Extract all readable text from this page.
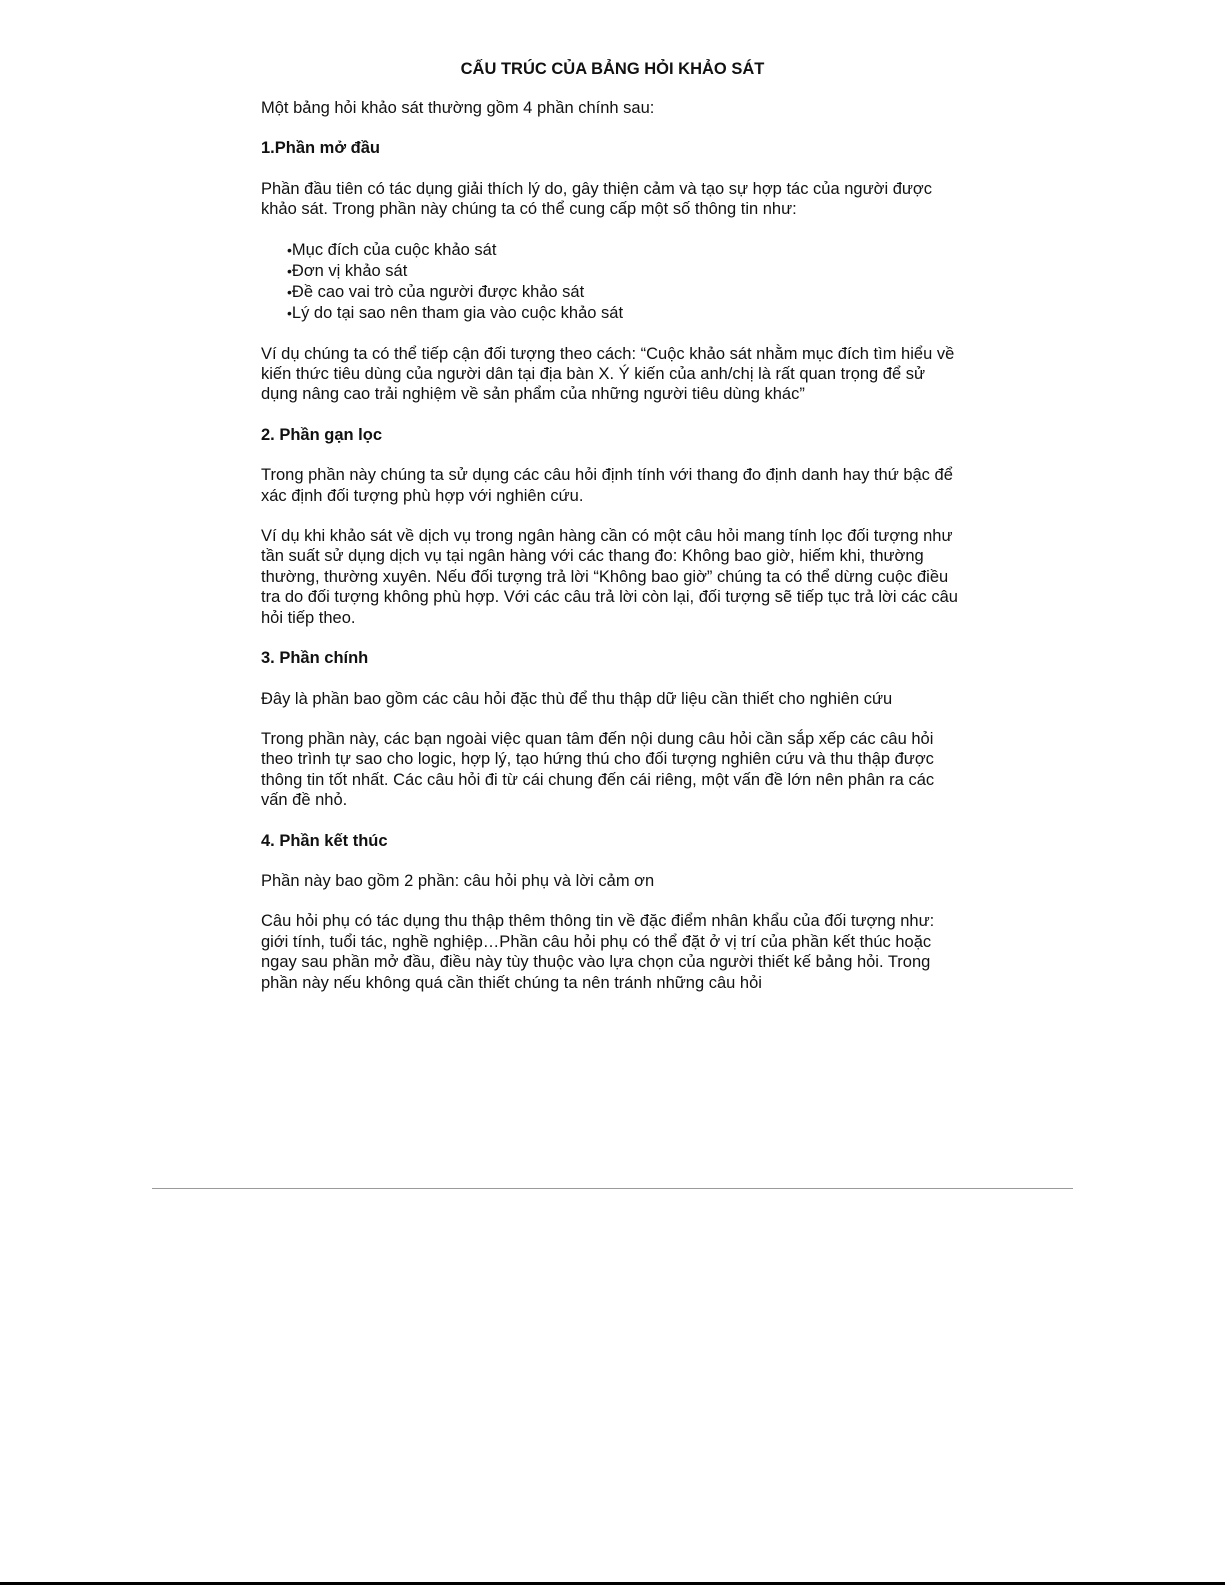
CẤU TRÚC CỦA BẢNG HỎI KHẢO SÁT

Một bảng hỏi khảo sát thường gồm 4 phần chính sau:

1.Phần mở đầu

Phần đầu tiên có tác dụng giải thích lý do, gây thiện cảm và tạo sự hợp tác của người được khảo sát. Trong phần này chúng ta có thể cung cấp một số thông tin như:

•Mục đích của cuộc khảo sát
•Đơn vị khảo sát
•Đề cao vai trò của người được khảo sát
•Lý do tại sao nên tham gia vào cuộc khảo sát

Ví dụ chúng ta có thể tiếp cận đối tượng theo cách: “Cuộc khảo sát nhằm mục đích tìm hiểu về kiến thức tiêu dùng của người dân tại địa bàn X. Ý kiến của anh/chị là rất quan trọng để sử dụng nâng cao trải nghiệm về sản phẩm của những người tiêu dùng khác”

2. Phần gạn lọc

Trong phần này chúng ta sử dụng các câu hỏi định tính với thang đo định danh hay thứ bậc để xác định đối tượng phù hợp với nghiên cứu.

Ví dụ khi khảo sát về dịch vụ trong ngân hàng cần có một câu hỏi mang tính lọc đối tượng như tần suất sử dụng dịch vụ tại ngân hàng với các thang đo: Không bao giờ, hiếm khi, thường thường, thường xuyên. Nếu đối tượng trả lời “Không bao giờ” chúng ta có thể dừng cuộc điều tra do đối tượng không phù hợp. Với các câu trả lời còn lại, đối tượng sẽ tiếp tục trả lời các câu hỏi tiếp theo.

3. Phần chính

Đây là phần bao gồm các câu hỏi đặc thù để thu thập dữ liệu cần thiết cho nghiên cứu

Trong phần này, các bạn ngoài việc quan tâm đến nội dung câu hỏi cần sắp xếp các câu hỏi theo trình tự sao cho logic, hợp lý, tạo hứng thú cho đối tượng nghiên cứu và thu thập được thông tin tốt nhất. Các câu hỏi đi từ cái chung đến cái riêng, một vấn đề lớn nên phân ra các vấn đề nhỏ.

4. Phần kết thúc

Phần này bao gồm 2 phần: câu hỏi phụ và lời cảm ơn

Câu hỏi phụ có tác dụng thu thập thêm thông tin về đặc điểm nhân khẩu của đối tượng như: giới tính, tuổi tác, nghề nghiệp…Phần câu hỏi phụ có thể đặt ở vị trí của phần kết thúc hoặc ngay sau phần mở đầu, điều này tùy thuộc vào lựa chọn của người thiết kế bảng hỏi. Trong phần này nếu không quá cần thiết chúng ta nên tránh những câu hỏi
